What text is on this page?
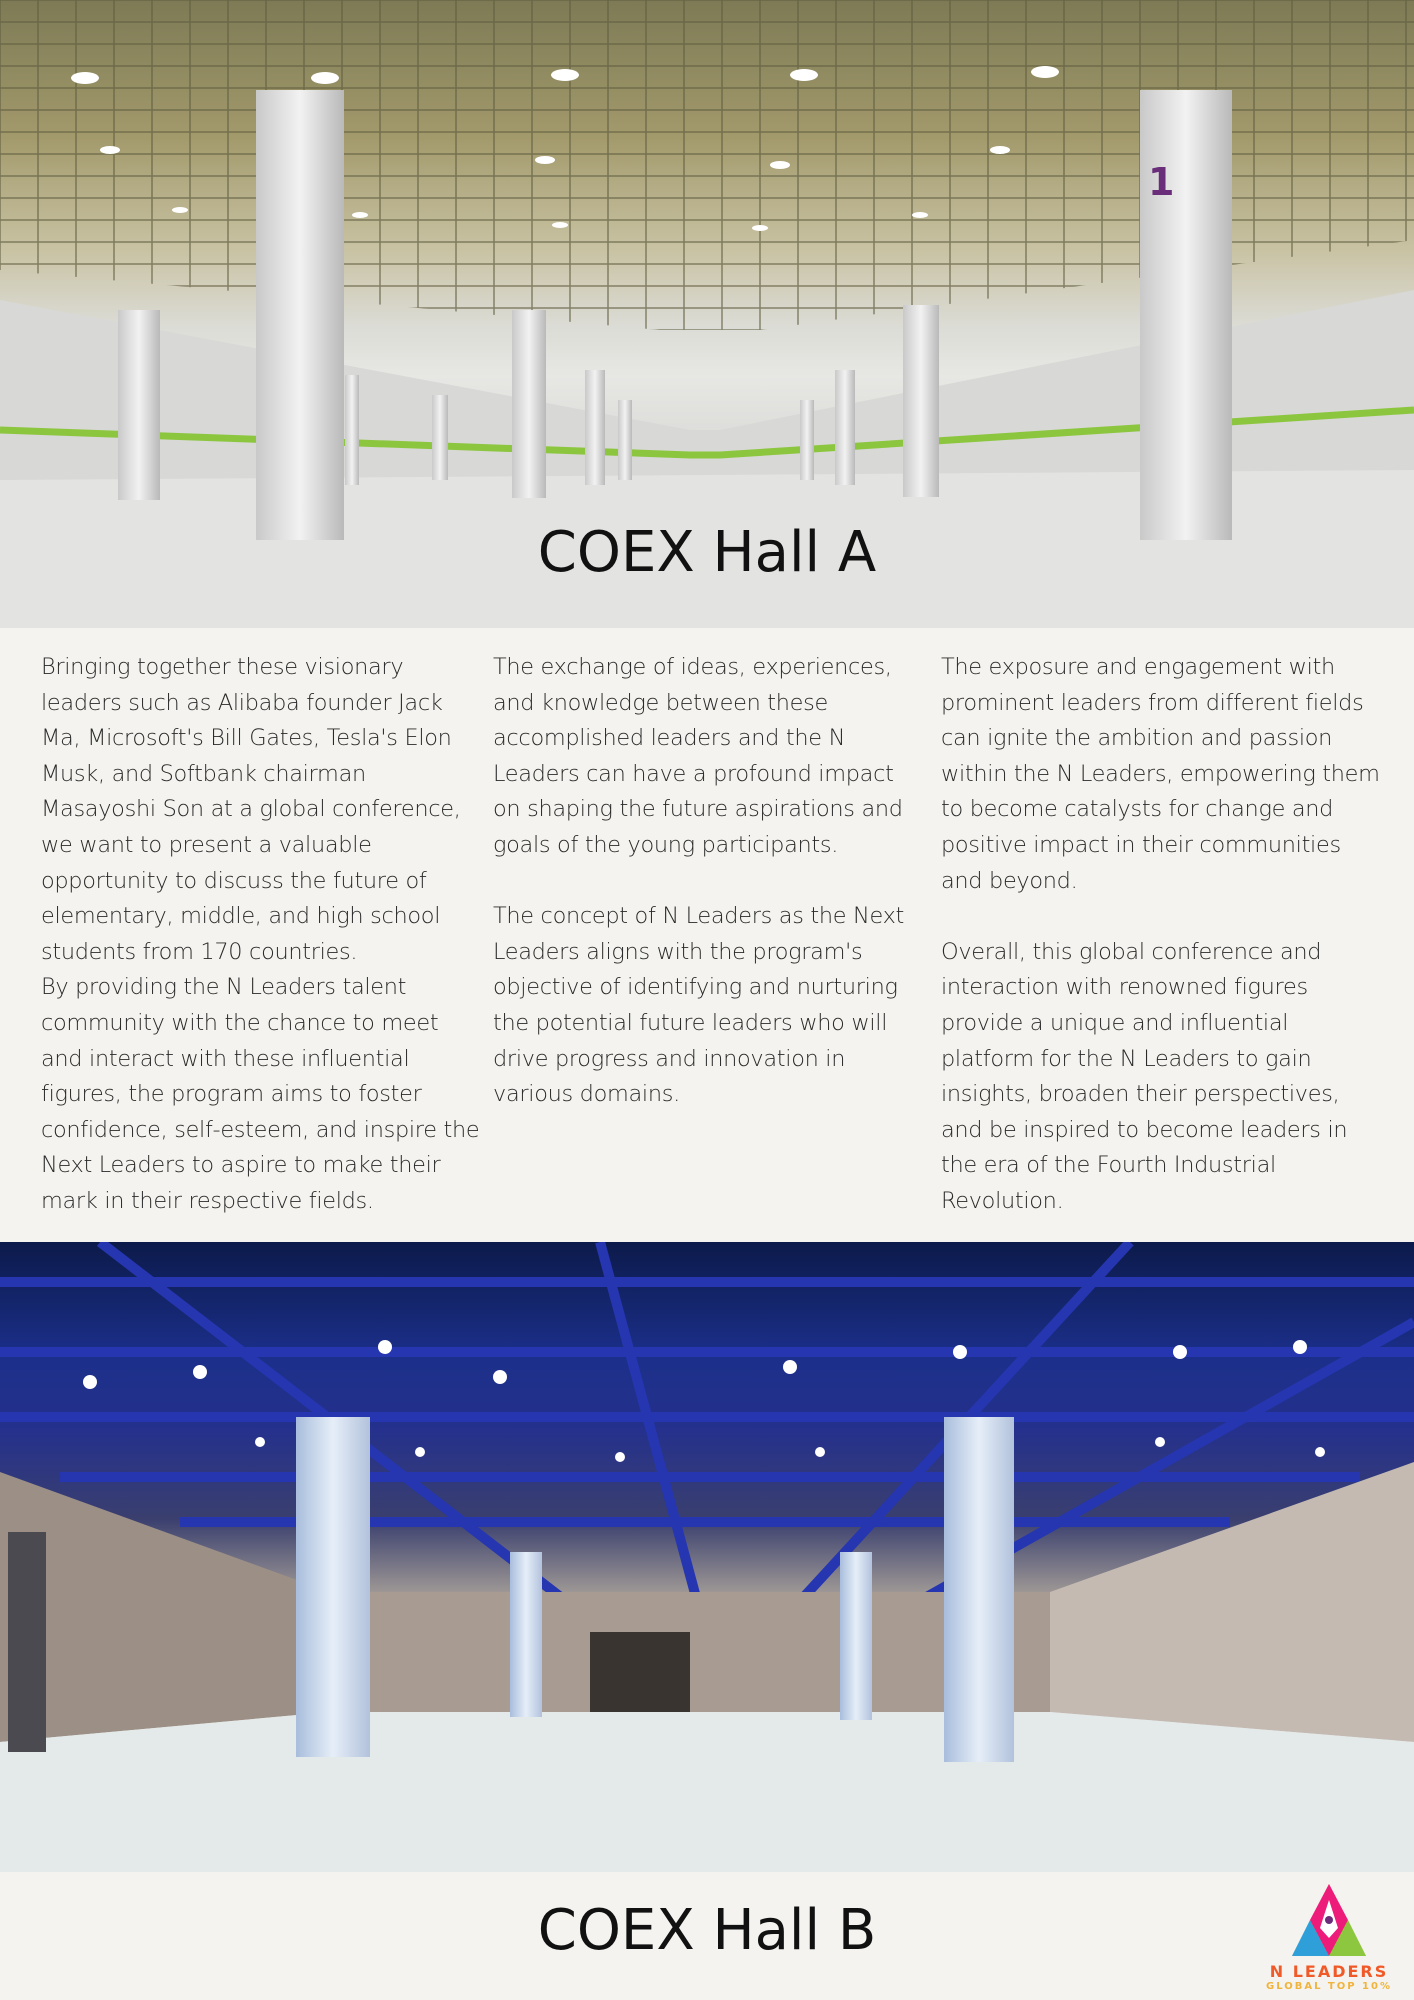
1
COEX Hall A

Bringing together these visionary leaders such as Alibaba founder Jack Ma, Microsoft's Bill Gates, Tesla's Elon Musk, and Softbank chairman Masayoshi Son at a global conference, we want to present a valuable opportunity to discuss the future of elementary, middle, and high school students from 170 countries.

By providing the N Leaders talent community with the chance to meet and interact with these influential figures, the program aims to foster confidence, self-esteem, and inspire the Next Leaders to aspire to make their mark in their respective fields.

The exchange of ideas, experiences, and knowledge between these accomplished leaders and the N Leaders can have a profound impact on shaping the future aspirations and goals of the young participants.

The concept of N Leaders as the Next Leaders aligns with the program's objective of identifying and nurturing the potential future leaders who will drive progress and innovation in various domains.

The exposure and engagement with prominent leaders from different fields can ignite the ambition and passion within the N Leaders, empowering them to become catalysts for change and positive impact in their communities and beyond.

Overall, this global conference and interaction with renowned figures provide a unique and influential platform for the N Leaders to gain insights, broaden their perspectives, and be inspired to become leaders in the era of the Fourth Industrial Revolution.

COEX Hall B
N LEADERS
GLOBAL TOP 10%
